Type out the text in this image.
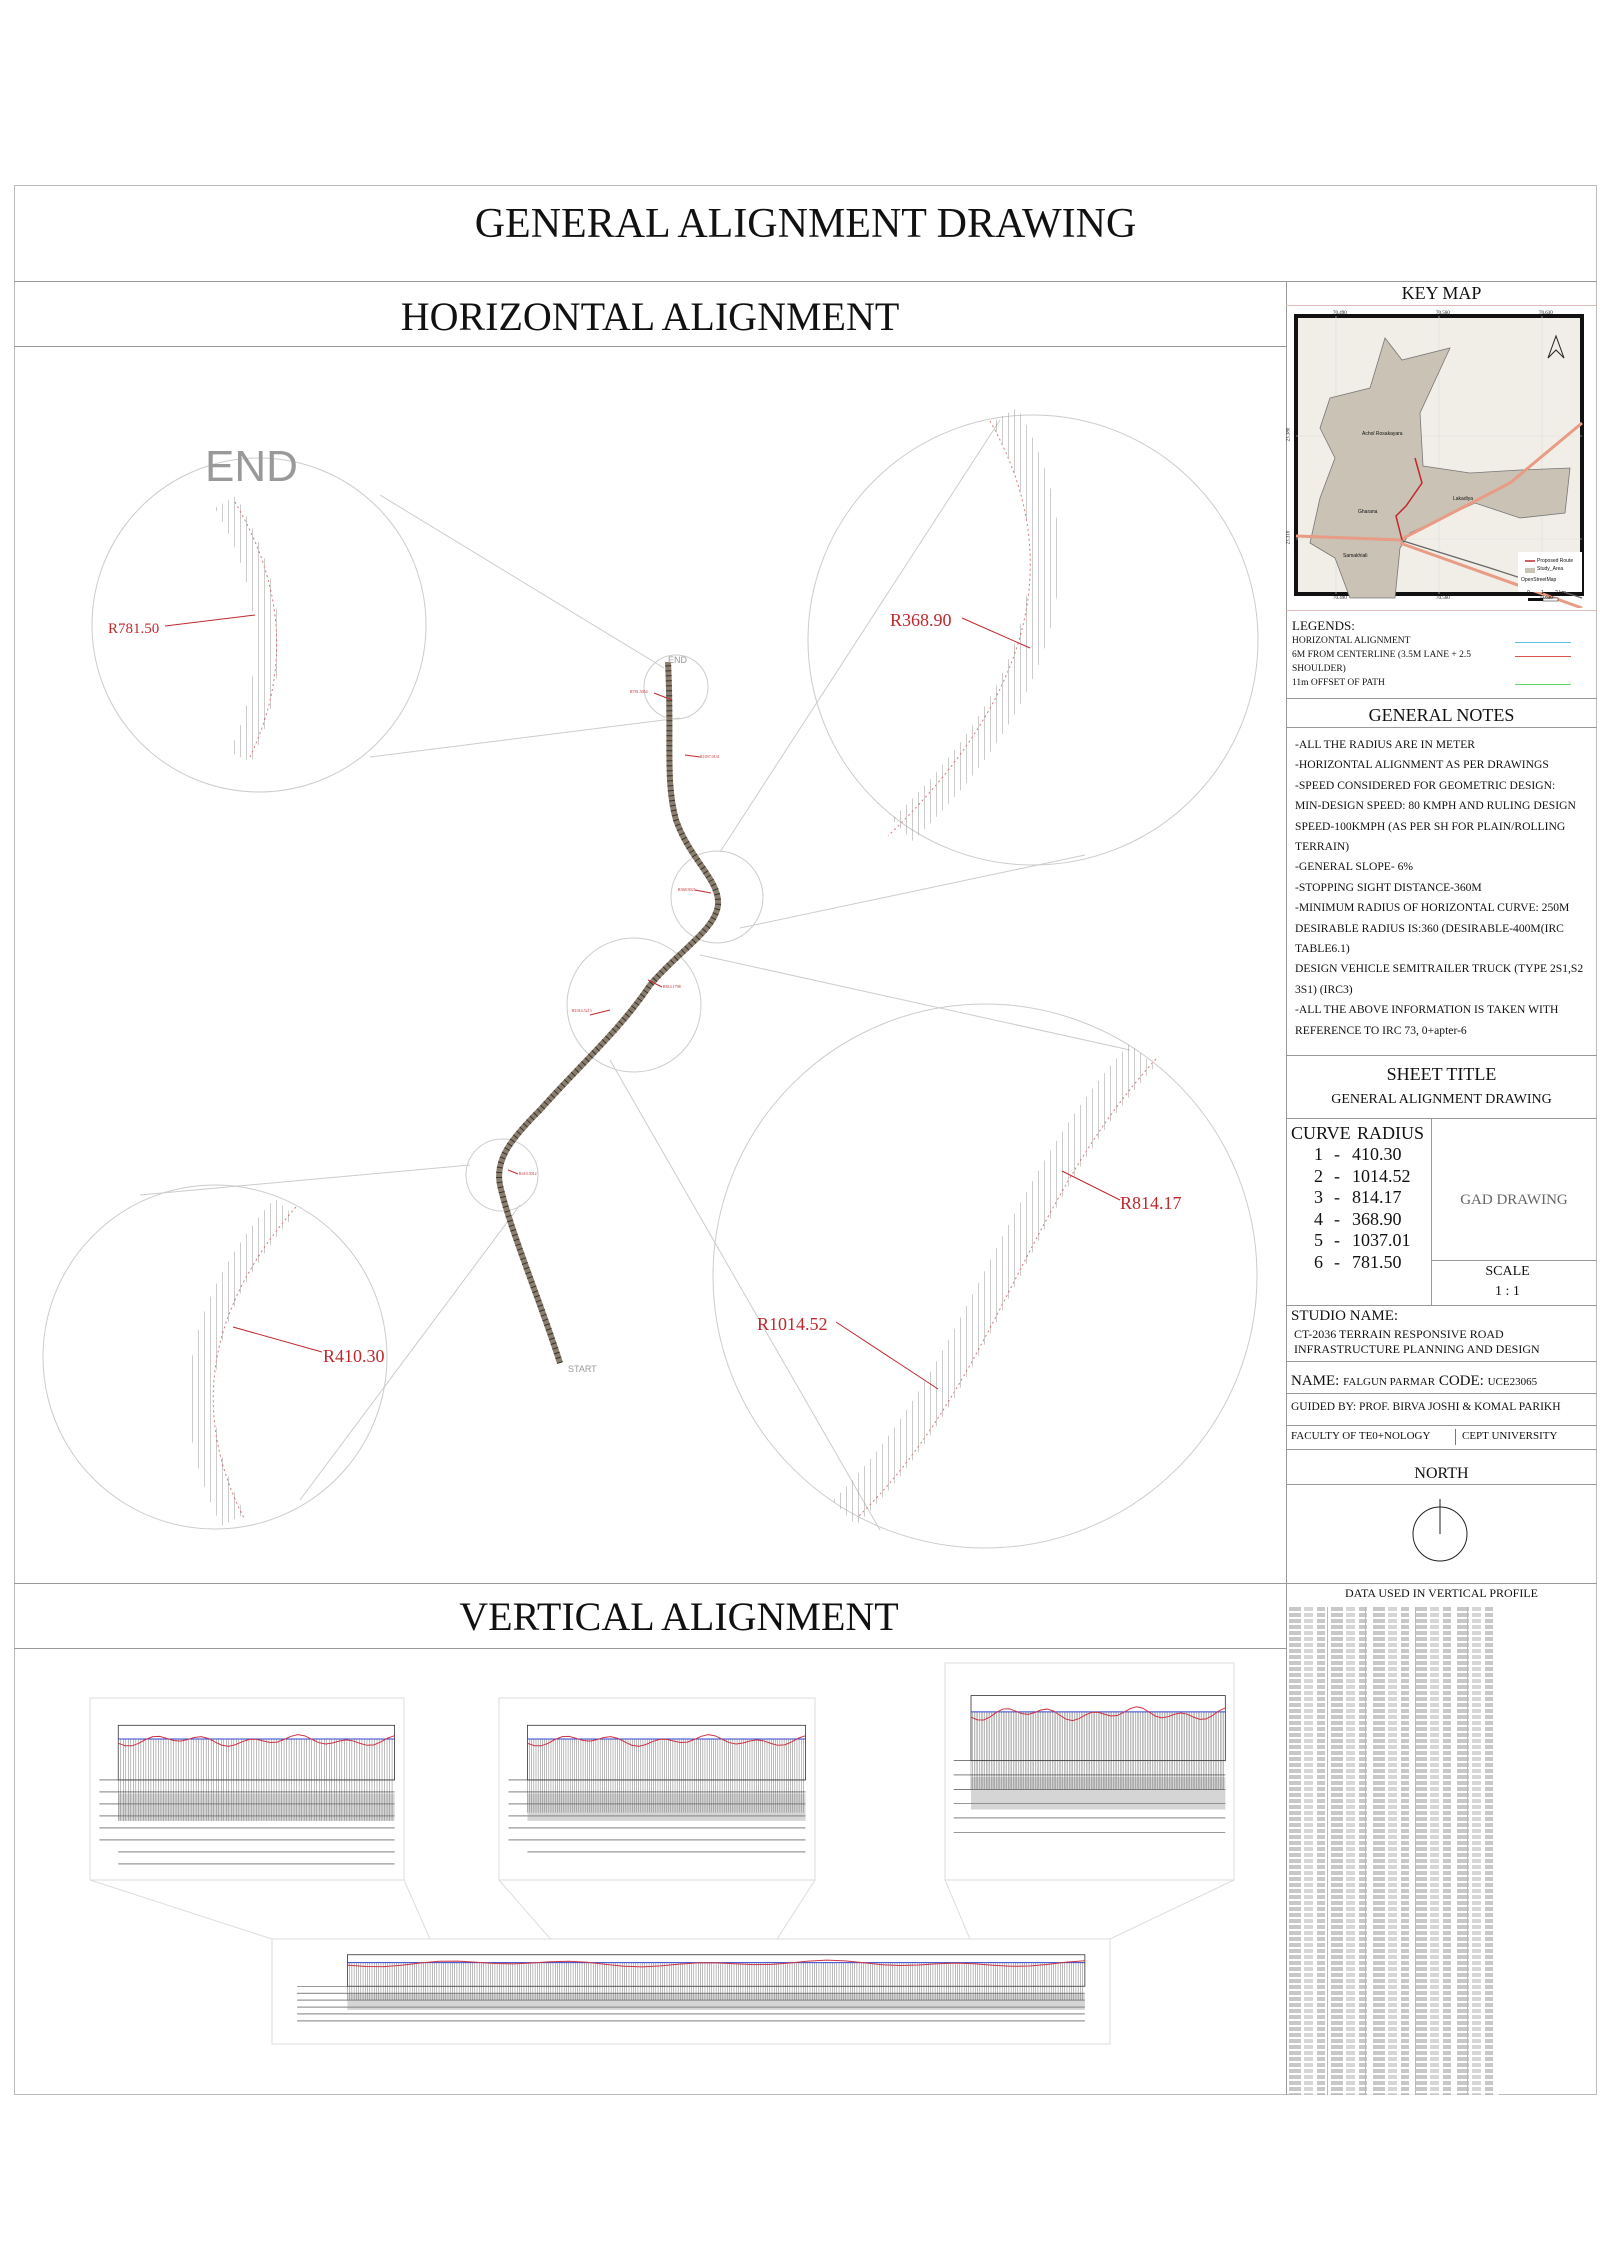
GENERAL ALIGNMENT DRAWING
HORIZONTAL ALIGNMENT
END
END
START
R781.50	R368.90
R814.17
R1014.52
R410.30
R781.5054
R1037.0131
R368.9021
R814.1798
R1014.5213
R410.3012
VERTICAL ALIGNMENT
KEY MAP
70.490	70.560	70.630
70.490	70.560	70.630
23.380
23.310
Achol Rosakayara
Gharana
Lakadiya
Samakhiali
Proposed Route
Study_Area
OpenStreetMap
0 1 2 km
LEGENDS:
HORIZONTAL ALIGNMENT
6M FROM CENTERLINE (3.5M LANE + 2.5
SHOULDER)
11m OFFSET OF PATH
GENERAL NOTES
-ALL THE RADIUS ARE IN METER
-HORIZONTAL ALIGNMENT AS PER DRAWINGS
-SPEED CONSIDERED FOR GEOMETRIC DESIGN:
MIN-DESIGN SPEED: 80 KMPH AND RULING DESIGN
SPEED-100KMPH (AS PER SH FOR PLAIN/ROLLING
TERRAIN)
-GENERAL SLOPE- 6%
-STOPPING SIGHT DISTANCE-360M
-MINIMUM RADIUS OF HORIZONTAL CURVE: 250M
DESIRABLE RADIUS IS:360 (DESIRABLE-400M(IRC
TABLE6.1)
DESIGN VEHICLE SEMITRAILER TRUCK (TYPE 2S1,S2
3S1) (IRC3)
-ALL THE ABOVE INFORMATION IS TAKEN WITH
REFERENCE TO IRC 73, 0+apter-6
SHEET TITLE
GENERAL ALIGNMENT DRAWING
CURVE RADIUS
1 - 410.30
2 - 1014.52
3 - 814.17
4 - 368.90
5 - 1037.01
6 - 781.50
GAD DRAWING
SCALE
1 : 1
STUDIO NAME:
CT-2036 TERRAIN RESPONSIVE ROAD
INFRASTRUCTURE PLANNING AND DESIGN
NAME: FALGUN PARMAR CODE: UCE23065
GUIDED BY: PROF. BIRVA JOSHI & KOMAL PARIKH
FACULTY OF TE0+NOLOGY	CEPT UNIVERSITY
NORTH
DATA USED IN VERTICAL PROFILE
